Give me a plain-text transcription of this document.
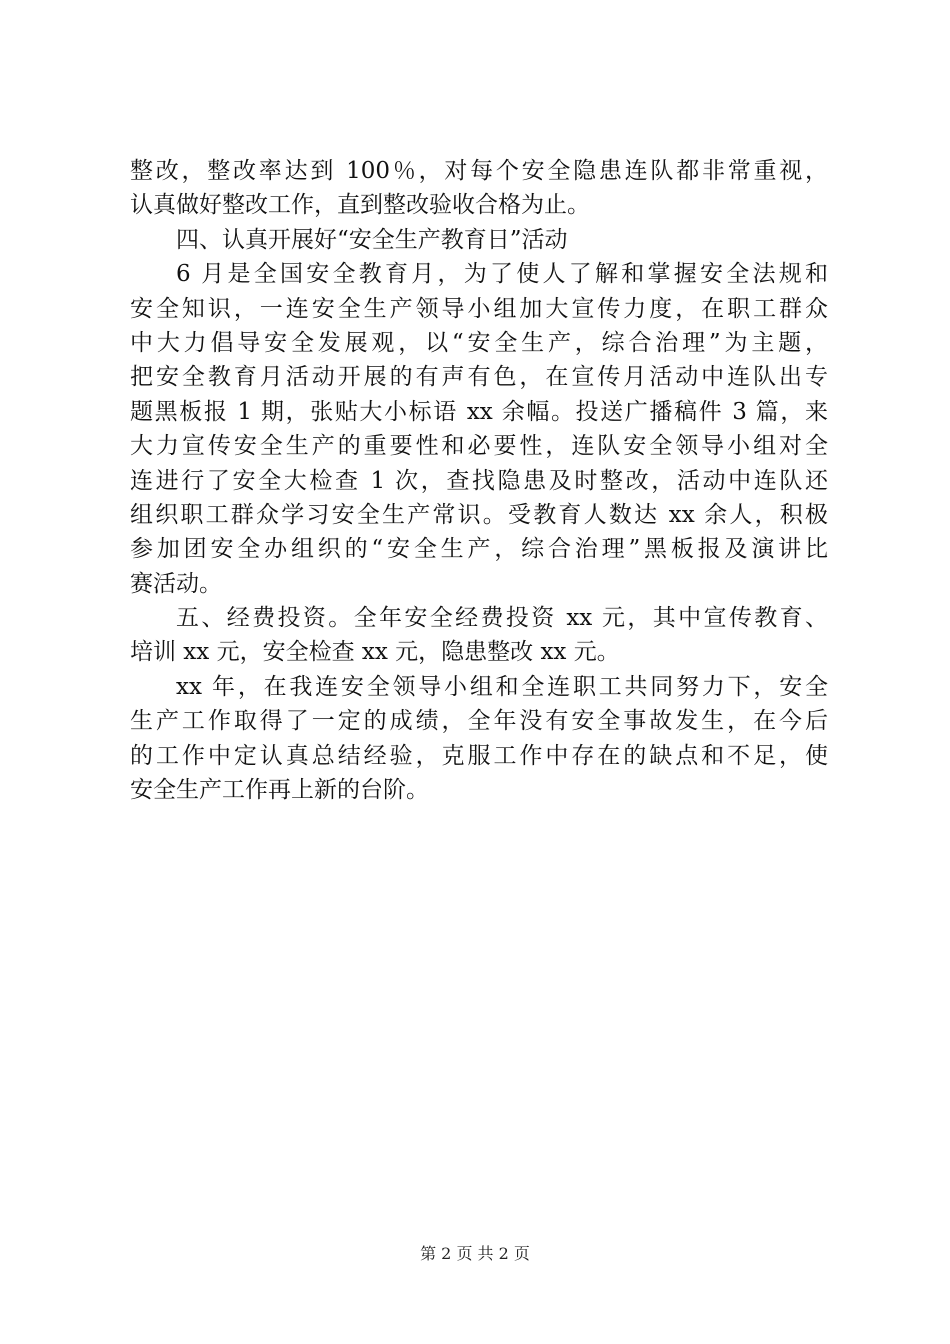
整改，整改率达到 100％，对每个安全隐患连队都非常重视，
认真做好整改工作，直到整改验收合格为止。
四、认真开展好“安全生产教育日”活动
6 月是全国安全教育月，为了使人了解和掌握安全法规和
安全知识，一连安全生产领导小组加大宣传力度，在职工群众
中大力倡导安全发展观，以“安全生产，综合治理”为主题，
把安全教育月活动开展的有声有色，在宣传月活动中连队出专
题黑板报 1 期，张贴大小标语 xx 余幅。投送广播稿件 3 篇，来
大力宣传安全生产的重要性和必要性，连队安全领导小组对全
连进行了安全大检查 1 次，查找隐患及时整改，活动中连队还
组织职工群众学习安全生产常识。受教育人数达 xx 余人，积极
参加团安全办组织的“安全生产，综合治理”黑板报及演讲比
赛活动。
五、经费投资。全年安全经费投资 xx 元，其中宣传教育、
培训 xx 元，安全检查 xx 元，隐患整改 xx 元。
xx 年，在我连安全领导小组和全连职工共同努力下，安全
生产工作取得了一定的成绩，全年没有安全事故发生，在今后
的工作中定认真总结经验，克服工作中存在的缺点和不足，使
安全生产工作再上新的台阶。
第 2 页 共 2 页
